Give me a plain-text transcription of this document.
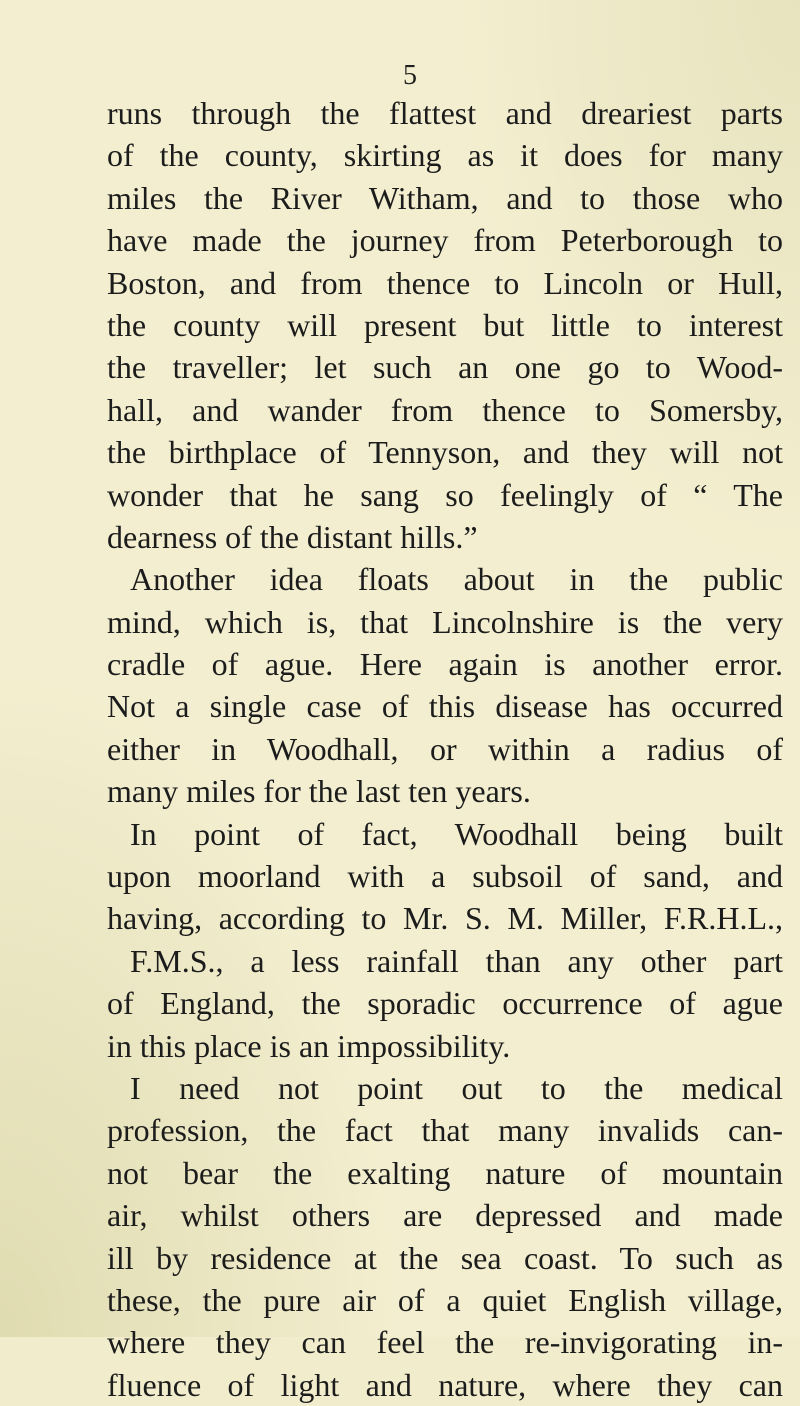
5
runs through the flattest and dreariest parts
of the county, skirting as it does for many
miles the River Witham, and to those who
have made the journey from Peterborough to
Boston, and from thence to Lincoln or Hull,
the county will present but little to interest
the traveller; let such an one go to Wood-
hall, and wander from thence to Somersby,
the birthplace of Tennyson, and they will not
wonder that he sang so feelingly of “ The
dearness of the distant hills.”
Another idea floats about in the public
mind, which is, that Lincolnshire is the very
cradle of ague. Here again is another error.
Not a single case of this disease has occurred
either in Woodhall, or within a radius of
many miles for the last ten years.
In point of fact, Woodhall being built
upon moorland with a subsoil of sand, and
having, according to Mr. S. M. Miller, F.R.H.L.,
F.M.S., a less rainfall than any other part
of England, the sporadic occurrence of ague
in this place is an impossibility.
I need not point out to the medical
profession, the fact that many invalids can-
not bear the exalting nature of mountain
air, whilst others are depressed and made
ill by residence at the sea coast. To such as
these, the pure air of a quiet English village,
where they can feel the re-invigorating in-
fluence of light and nature, where they can
